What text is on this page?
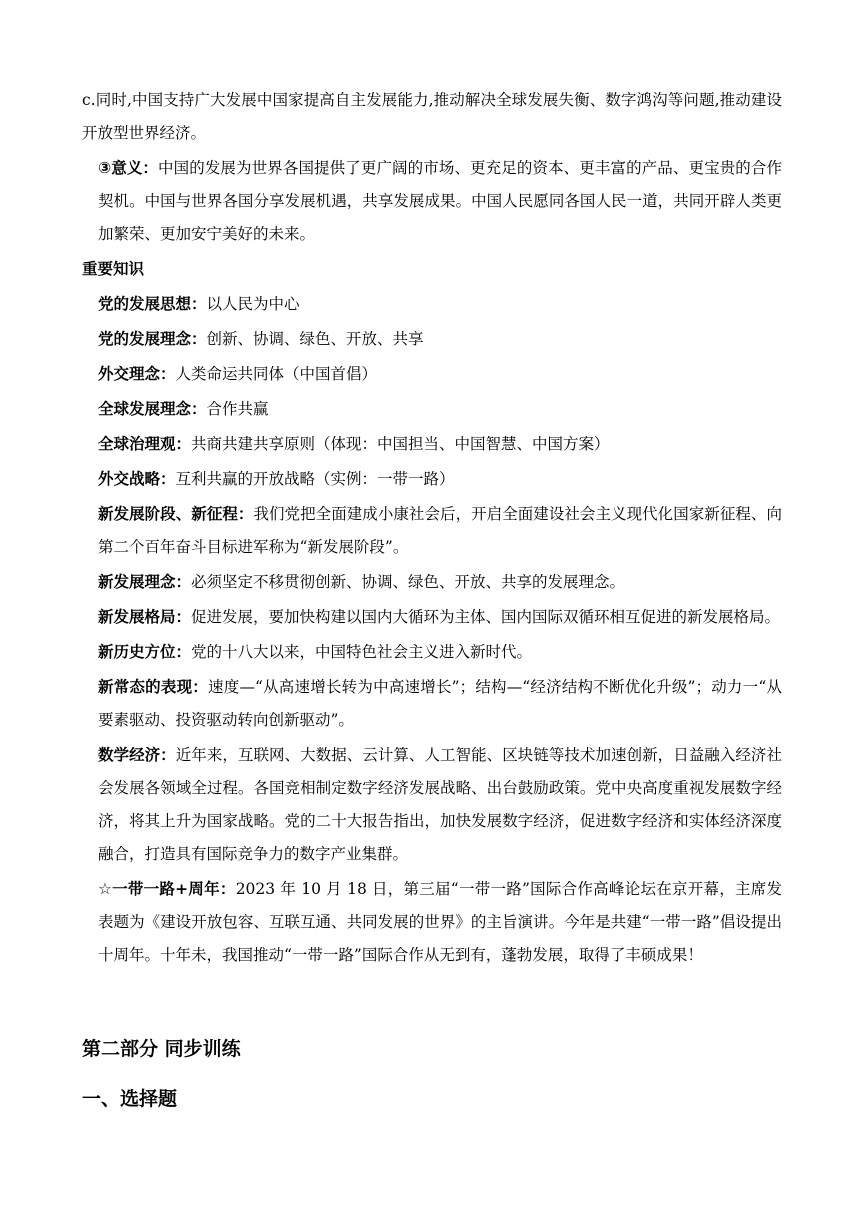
c.同时,中国支持广大发展中国家提高自主发展能力,推动解决全球发展失衡、数字鸿沟等问题,推动建设开放型世界经济。

③意义：中国的发展为世界各国提供了更广阔的市场、更充足的资本、更丰富的产品、更宝贵的合作契机。中国与世界各国分享发展机遇，共享发展成果。中国人民愿同各国人民一道，共同开辟人类更加繁荣、更加安宁美好的未来。

重要知识

党的发展思想：以人民为中心

党的发展理念：创新、协调、绿色、开放、共享

外交理念：人类命运共同体（中国首倡）

全球发展理念：合作共赢

全球治理观：共商共建共享原则（体现：中国担当、中国智慧、中国方案）

外交战略：互利共赢的开放战略（实例：一带一路）

新发展阶段、新征程：我们党把全面建成小康社会后，开启全面建设社会主义现代化国家新征程、向第二个百年奋斗目标进军称为“新发展阶段”。

新发展理念：必须坚定不移贯彻创新、协调、绿色、开放、共享的发展理念。

新发展格局：促进发展，要加快构建以国内大循环为主体、国内国际双循环相互促进的新发展格局。

新历史方位：党的十八大以来，中国特色社会主义进入新时代。

新常态的表现：速度—“从高速增长转为中高速增长”；结构—“经济结构不断优化升级”；动力一“从要素驱动、投资驱动转向创新驱动”。

数学经济：近年来，互联网、大数据、云计算、人工智能、区块链等技术加速创新，日益融入经济社会发展各领域全过程。各国竞相制定数字经济发展战略、出台鼓励政策。党中央高度重视发展数字经济，将其上升为国家战略。党的二十大报告指出，加快发展数字经济，促进数字经济和实体经济深度融合，打造具有国际竞争力的数字产业集群。

☆一带一路+周年：2023 年 10 月 18 日，第三届“一带一路”国际合作高峰论坛在京开幕，主席发表题为《建设开放包容、互联互通、共同发展的世界》的主旨演讲。今年是共建“一带一路”倡设提出十周年。十年未，我国推动“一带一路”国际合作从无到有，蓬勃发展，取得了丰硕成果！

第二部分 同步训练

一、选择题
